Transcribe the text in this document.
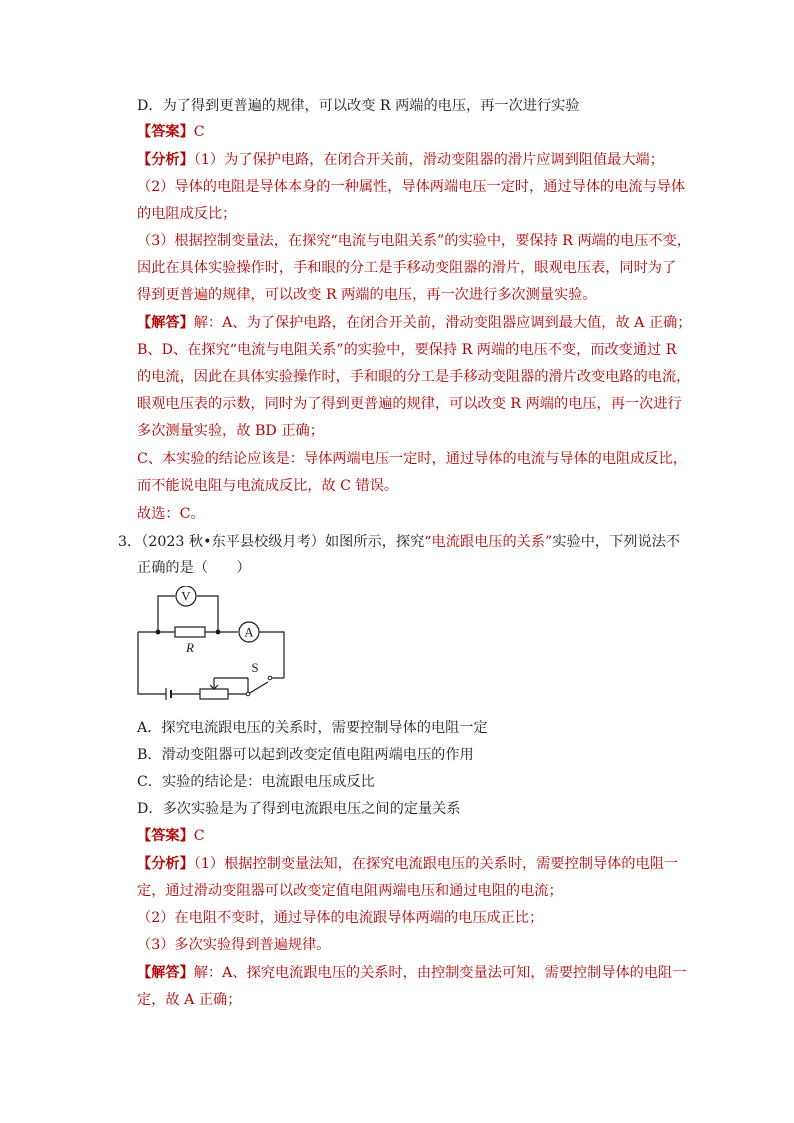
D．为了得到更普遍的规律，可以改变 R 两端的电压，再一次进行实验
【答案】C
【分析】（1）为了保护电路，在闭合开关前，滑动变阻器的滑片应调到阻值最大端；
（2）导体的电阻是导体本身的一种属性，导体两端电压一定时，通过导体的电流与导体
的电阻成反比；
（3）根据控制变量法，在探究“电流与电阻关系”的实验中，要保持 R 两端的电压不变，
因此在具体实验操作时，手和眼的分工是手移动变阻器的滑片，眼观电压表，同时为了
得到更普遍的规律，可以改变 R 两端的电压，再一次进行多次测量实验。
【解答】解：A、为了保护电路，在闭合开关前，滑动变阻器应调到最大值，故 A 正确；
B、D、在探究“电流与电阻关系”的实验中，要保持 R 两端的电压不变，而改变通过 R
的电流，因此在具体实验操作时，手和眼的分工是手移动变阻器的滑片改变电路的电流，
眼观电压表的示数，同时为了得到更普遍的规律，可以改变 R 两端的电压，再一次进行
多次测量实验，故 BD 正确；
C、本实验的结论应该是：导体两端电压一定时，通过导体的电流与导体的电阻成反比，
而不能说电阻与电流成反比，故 C 错误。
故选：C。
3．（2023 秋•东平县校级月考）如图所示，探究“电流跟电压的关系”实验中，下列说法不
正确的是（　　）
V
A
R
S
A．探究电流跟电压的关系时，需要控制导体的电阻一定
B．滑动变阻器可以起到改变定值电阻两端电压的作用
C．实验的结论是：电流跟电压成反比
D．多次实验是为了得到电流跟电压之间的定量关系
【答案】C
【分析】（1）根据控制变量法知，在探究电流跟电压的关系时，需要控制导体的电阻一
定，通过滑动变阻器可以改变定值电阻两端电压和通过电阻的电流；
（2）在电阻不变时，通过导体的电流跟导体两端的电压成正比；
（3）多次实验得到普遍规律。
【解答】解：A、探究电流跟电压的关系时，由控制变量法可知，需要控制导体的电阻一
定，故 A 正确；
